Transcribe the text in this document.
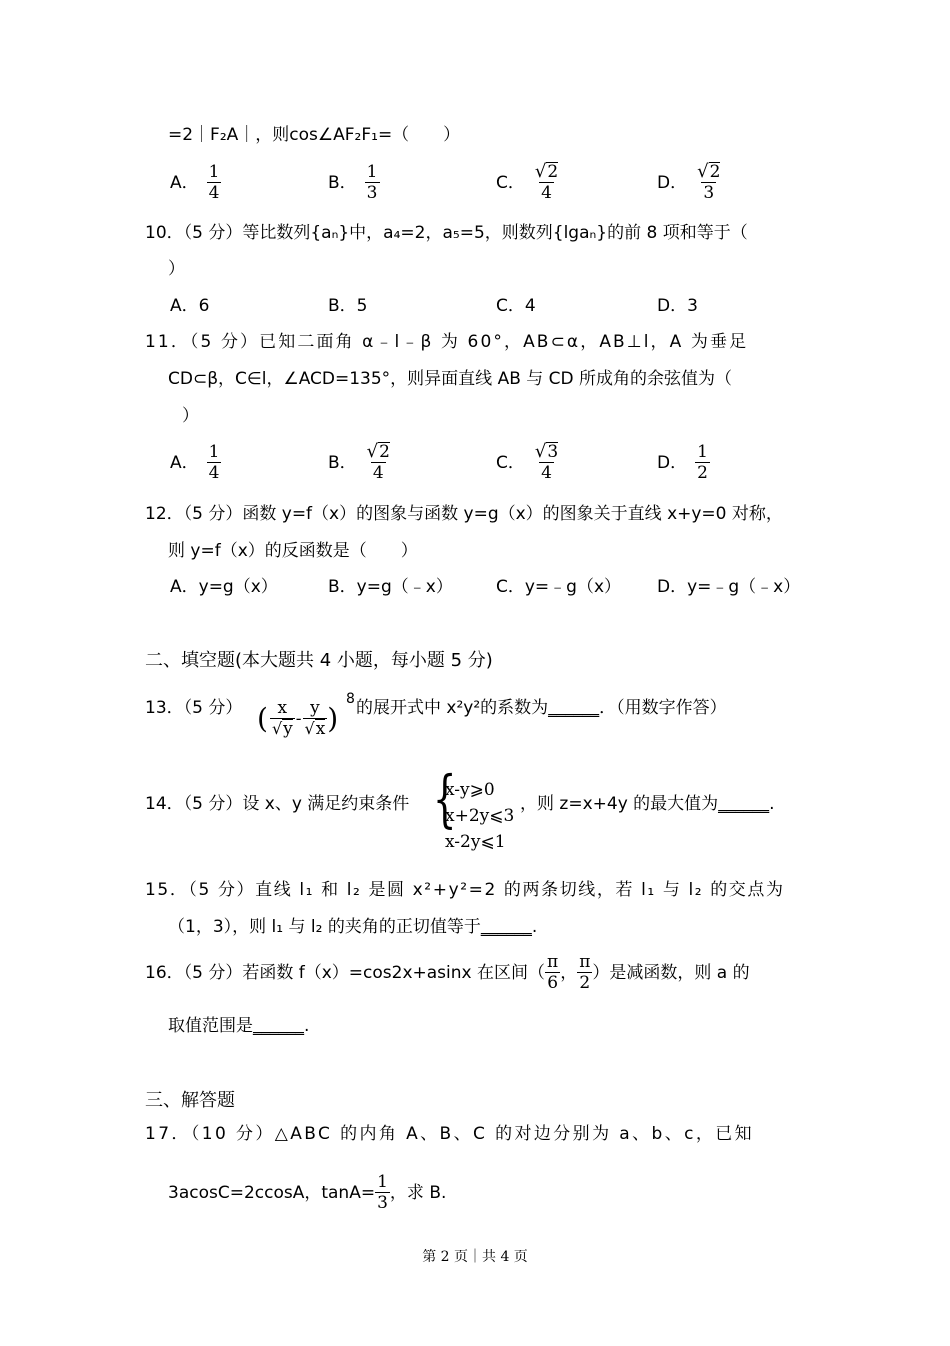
=2｜F₂A｜，则cos∠AF₂F₁=（　　）
A． $\frac{1}{4}$	B． $\frac{1}{3}$	C． $\frac{√ 2}{4}$	D． $\frac{√ 2}{3}$
10．（5 分）等比数列{aₙ}中，a₄=2，a₅=5，则数列{lgaₙ}的前 8 项和等于（
）
A．6	B．5	C．4	D．3
11．（5 分）已知二面角 α﹣l﹣β 为 60°，AB⊂α，AB⊥l，A 为垂足
CD⊂β，C∈l，∠ACD=135°，则异面直线 AB 与 CD 所成角的余弦值为（
）
A． $\frac{1}{4}$	B． $\frac{√ 2}{4}$	C． $\frac{√ 3}{4}$	D． $\frac{1}{2}$
12．（5 分）函数 y=f（x）的图象与函数 y=g（x）的图象关于直线 x+y=0 对称，
则 y=f（x）的反函数是（　　）
A．y=g（x）	B．y=g（﹣x）	C．y=﹣g（x） D．y=﹣g（﹣x）
二、填空题(本大题共 4 小题，每小题 5 分)
13．（5 分） ( $\frac{x}{√ y} - \frac{y}{√ x}$ )
8 的展开式中 x²y²的系数为______．（用数字作答）
14．（5 分）设 x、y 满足约束条件 {
x-y⩾0
x+2y⩽3
x-2y⩽1
，则 z=x+4y 的最大值为______.
15．（5 分）直线 l₁ 和 l₂ 是圆 x²+y²=2 的两条切线，若 l₁ 与 l₂ 的交点为
（1，3），则 l₁ 与 l₂ 的夹角的正切值等于______.
16．（5 分）若函数 f（x）=cos2x+asinx 在区间（ $\frac{\pi}{6}$ ， $\frac{\pi}{2}$ ）是减函数，则 a 的
取值范围是______.
三、解答题
17．（10 分）△ABC 的内角 A、B、C 的对边分别为 a、b、c，已知
3acosC=2ccosA，$\tan A= \frac{1}{3}$ ，求 B.
第 2 页｜共 4 页
